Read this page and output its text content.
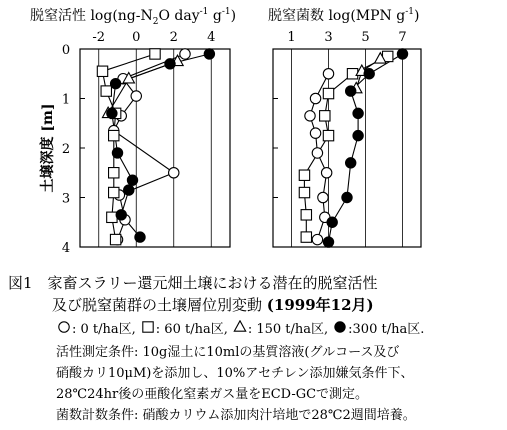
脱窒活性 $\log(ng-N_2O$ day$^{-1}$ $g^{-1}$) 脱窒菌数 log(MPN $g^{-1}$)
-2 0 2 4
0
1
2
3
4
1 3 5 7
土壌深度 [m]
図1　家畜スラリー還元畑土壌における潜在的脱窒活性
及び脱窒菌群の土壌層位別変動 (1999年12月)
: 0 t/ha区, : 60 t/ha区, : 150 t/ha区, :300 t/ha区.
活性測定条件: 10g湿土に10mlの基質溶液(グルコース及び
硝酸カリ10μM)を添加し、10%アセチレン添加嫌気条件下、
28℃24hr後の亜酸化窒素ガス量をECD-GCで測定。
菌数計数条件: 硝酸カリウム添加肉汁培地で28℃2週間培養。
